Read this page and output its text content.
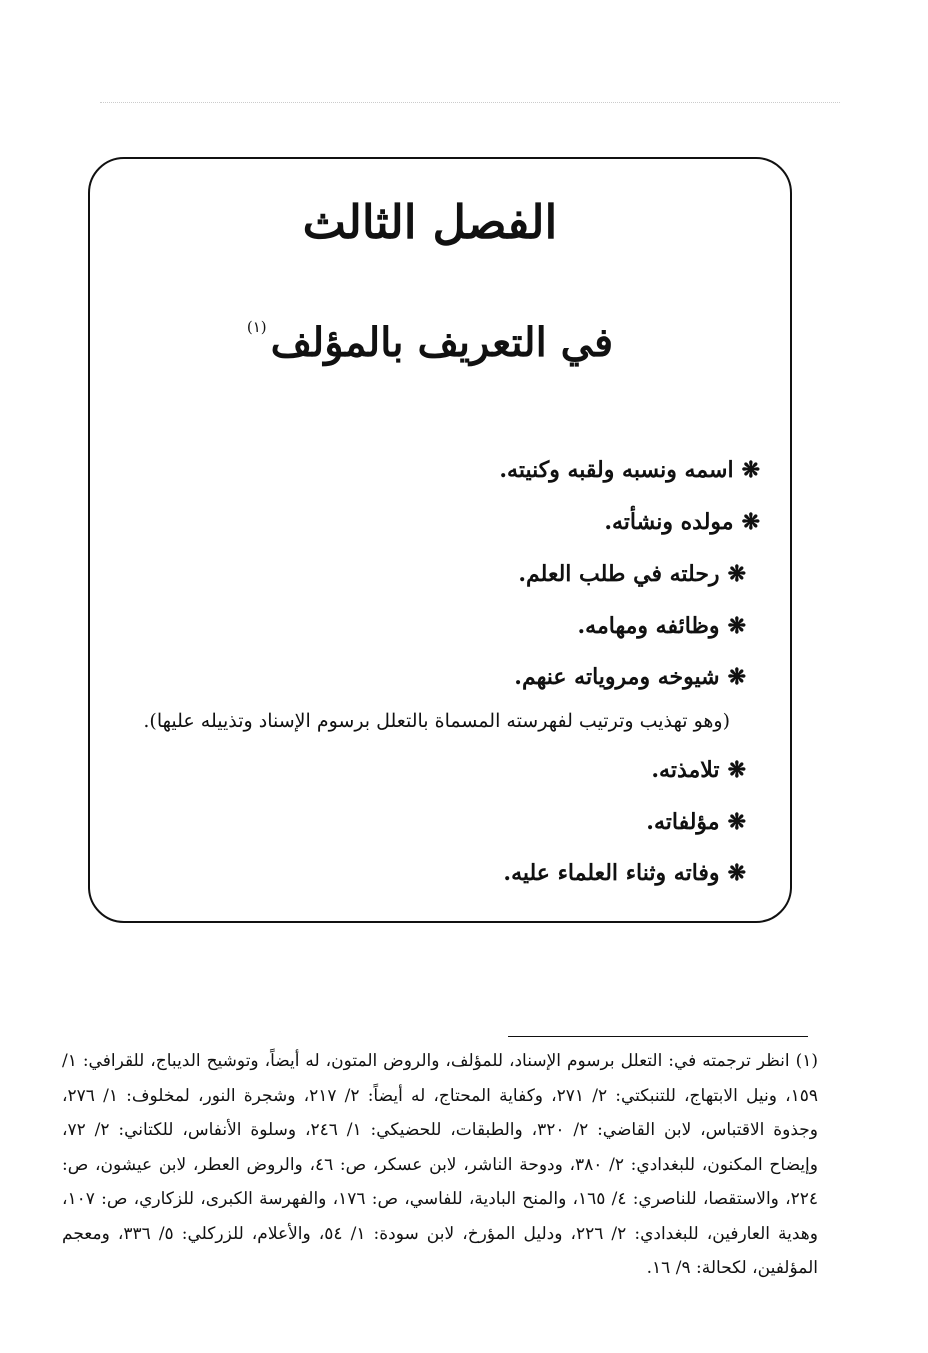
الفصل الثالث
في التعريف بالمؤلف$^{(١)}$
❋اسمه ونسبه ولقبه وكنيته.
❋مولده ونشأته.
❋رحلته في طلب العلم.
❋وظائفه ومهامه.
❋شيوخه ومروياته عنهم.
(وهو تهذيب وترتيب لفهرسته المسماة بالتعلل برسوم الإسناد وتذييله عليها).
❋تلامذته.
❋مؤلفاته.
❋وفاته وثناء العلماء عليه.
(١) انظر ترجمته في: التعلل برسوم الإسناد، للمؤلف، والروض المتون، له أيضاً، وتوشيح الديباج، للقرافي: ١/ ١٥٩، ونيل الابتهاج، للتنبكتي: ٢/ ٢٧١، وكفاية المحتاج، له أيضاً: ٢/ ٢١٧، وشجرة النور، لمخلوف: ١/ ٢٧٦، وجذوة الاقتباس، لابن القاضي: ٢/ ٣٢٠، والطبقات، للحضيكي: ١/ ٢٤٦، وسلوة الأنفاس، للكتاني: ٢/ ٧٢، وإيضاح المكنون، للبغدادي: ٢/ ٣٨٠، ودوحة الناشر، لابن عسكر، ص: ٤٦، والروض العطر، لابن عيشون، ص: ٢٢٤، والاستقصا، للناصري: ٤/ ١٦٥، والمنح البادية، للفاسي، ص: ١٧٦، والفهرسة الكبرى، للزكاري، ص: ١٠٧، وهدية العارفين، للبغدادي: ٢/ ٢٢٦، ودليل المؤرخ، لابن سودة: ١/ ٥٤، والأعلام، للزركلي: ٥/ ٣٣٦، ومعجم المؤلفين، لكحالة: ٩/ ١٦.
